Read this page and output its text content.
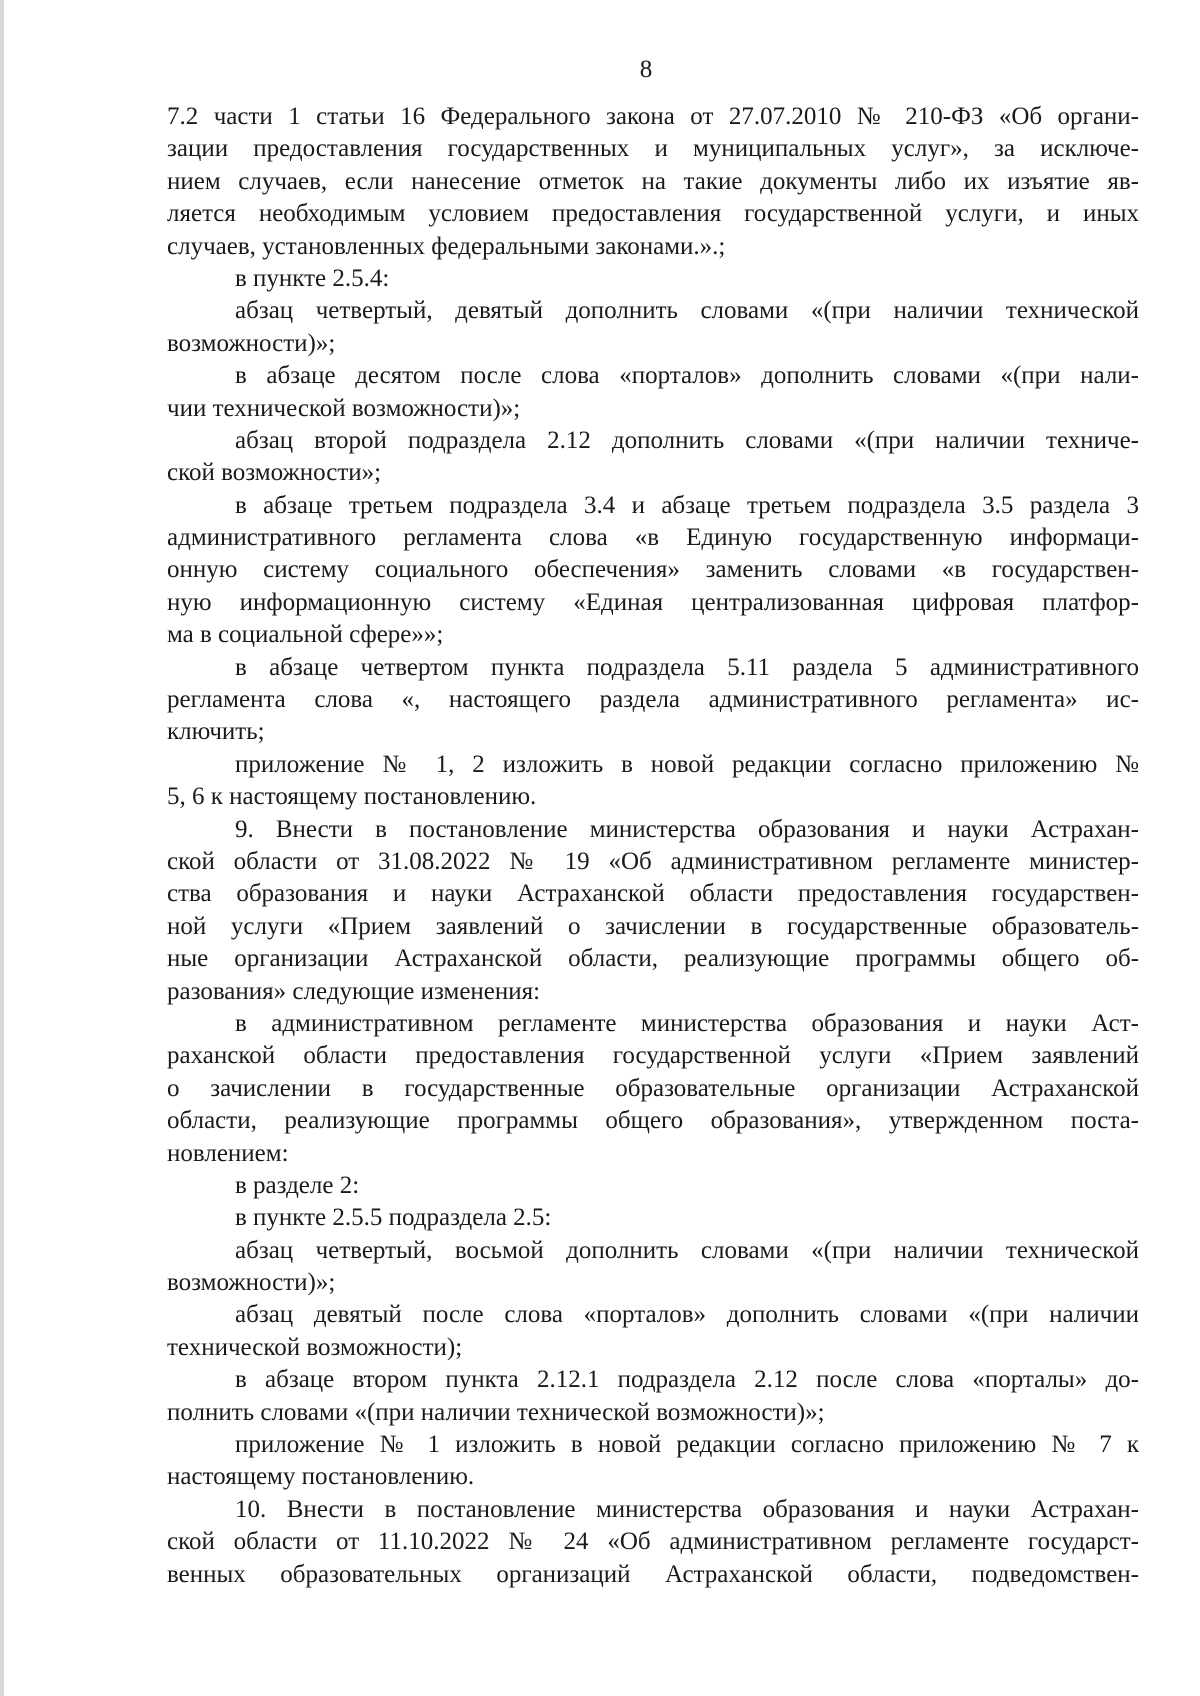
8
7.2 части 1 статьи 16 Федерального закона от 27.07.2010 № 210-ФЗ «Об органи-
зации предоставления государственных и муниципальных услуг», за исключе-
нием случаев, если нанесение отметок на такие документы либо их изъятие яв-
ляется необходимым условием предоставления государственной услуги, и иных
случаев, установленных федеральными законами.».;
в пункте 2.5.4:
абзац четвертый, девятый дополнить словами «(при наличии технической
возможности)»;
в абзаце десятом после слова «порталов» дополнить словами «(при нали-
чии технической возможности)»;
абзац второй подраздела 2.12 дополнить словами «(при наличии техниче-
ской возможности»;
в абзаце третьем подраздела 3.4 и абзаце третьем подраздела 3.5 раздела 3
административного регламента слова «в Единую государственную информаци-
онную систему социального обеспечения» заменить словами «в государствен-
ную информационную систему «Единая централизованная цифровая платфор-
ма в социальной сфере»»;
в абзаце четвертом пункта подраздела 5.11 раздела 5 административного
регламента слова «, настоящего раздела административного регламента» ис-
ключить;
приложение № 1, 2 изложить в новой редакции согласно приложению №
5, 6 к настоящему постановлению.
9. Внести в постановление министерства образования и науки Астрахан-
ской области от 31.08.2022 № 19 «Об административном регламенте министер-
ства образования и науки Астраханской области предоставления государствен-
ной услуги «Прием заявлений о зачислении в государственные образователь-
ные организации Астраханской области, реализующие программы общего об-
разования» следующие изменения:
в административном регламенте министерства образования и науки Аст-
раханской области предоставления государственной услуги «Прием заявлений
о зачислении в государственные образовательные организации Астраханской
области, реализующие программы общего образования», утвержденном поста-
новлением:
в разделе 2:
в пункте 2.5.5 подраздела 2.5:
абзац четвертый, восьмой дополнить словами «(при наличии технической
возможности)»;
абзац девятый после слова «порталов» дополнить словами «(при наличии
технической возможности);
в абзаце втором пункта 2.12.1 подраздела 2.12 после слова «порталы» до-
полнить словами «(при наличии технической возможности)»;
приложение № 1 изложить в новой редакции согласно приложению № 7 к
настоящему постановлению.
10. Внести в постановление министерства образования и науки Астрахан-
ской области от 11.10.2022 № 24 «Об административном регламенте государст-
венных образовательных организаций Астраханской области, подведомствен-
